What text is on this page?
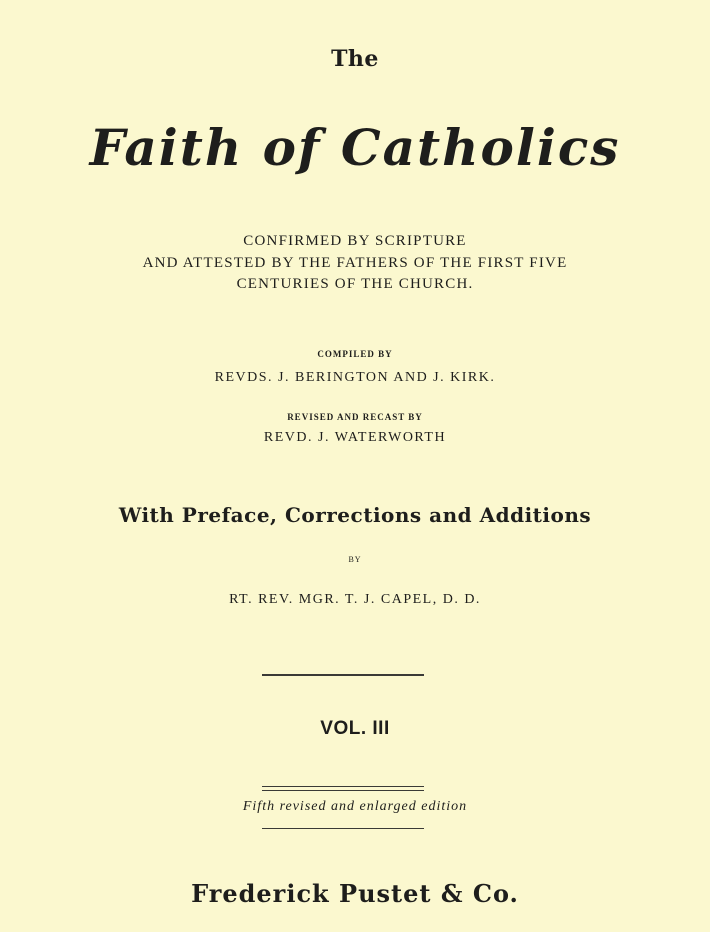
The
Faith of Catholics
CONFIRMED BY SCRIPTURE
AND ATTESTED BY THE FATHERS OF THE FIRST FIVE
CENTURIES OF THE CHURCH.
COMPILED BY
REVDS. J. BERINGTON AND J. KIRK.
REVISED AND RECAST BY
REVD. J. WATERWORTH
With Preface, Corrections and Additions
BY
RT. REV. MGR. T. J. CAPEL, D. D.
VOL. III
Fifth revised and enlarged edition
Frederick Pustet & Co.
